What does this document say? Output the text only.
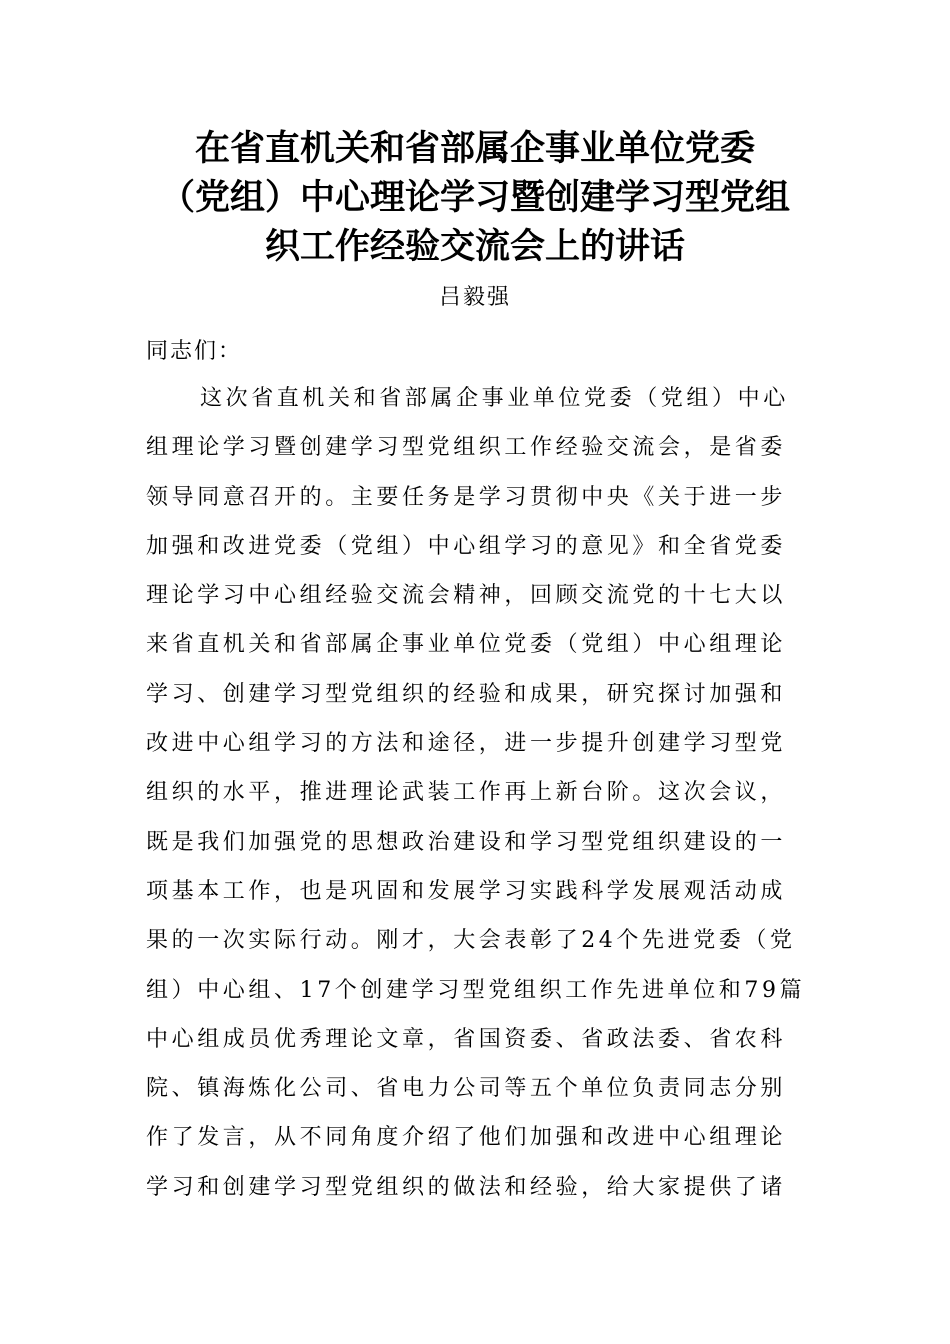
在省直机关和省部属企事业单位党委
（党组）中心理论学习暨创建学习型党组
织工作经验交流会上的讲话
吕毅强
同志们：
这次省直机关和省部属企事业单位党委（党组）中心
组理论学习暨创建学习型党组织工作经验交流会，是省委
领导同意召开的。主要任务是学习贯彻中央《关于进一步
加强和改进党委（党组）中心组学习的意见》和全省党委
理论学习中心组经验交流会精神，回顾交流党的十七大以
来省直机关和省部属企事业单位党委（党组）中心组理论
学习、创建学习型党组织的经验和成果，研究探讨加强和
改进中心组学习的方法和途径，进一步提升创建学习型党
组织的水平，推进理论武装工作再上新台阶。这次会议，
既是我们加强党的思想政治建设和学习型党组织建设的一
项基本工作，也是巩固和发展学习实践科学发展观活动成
果的一次实际行动。刚才，大会表彰了24个先进党委（党
组）中心组、17个创建学习型党组织工作先进单位和79篇
中心组成员优秀理论文章，省国资委、省政法委、省农科
院、镇海炼化公司、省电力公司等五个单位负责同志分别
作了发言，从不同角度介绍了他们加强和改进中心组理论
学习和创建学习型党组织的做法和经验，给大家提供了诸
